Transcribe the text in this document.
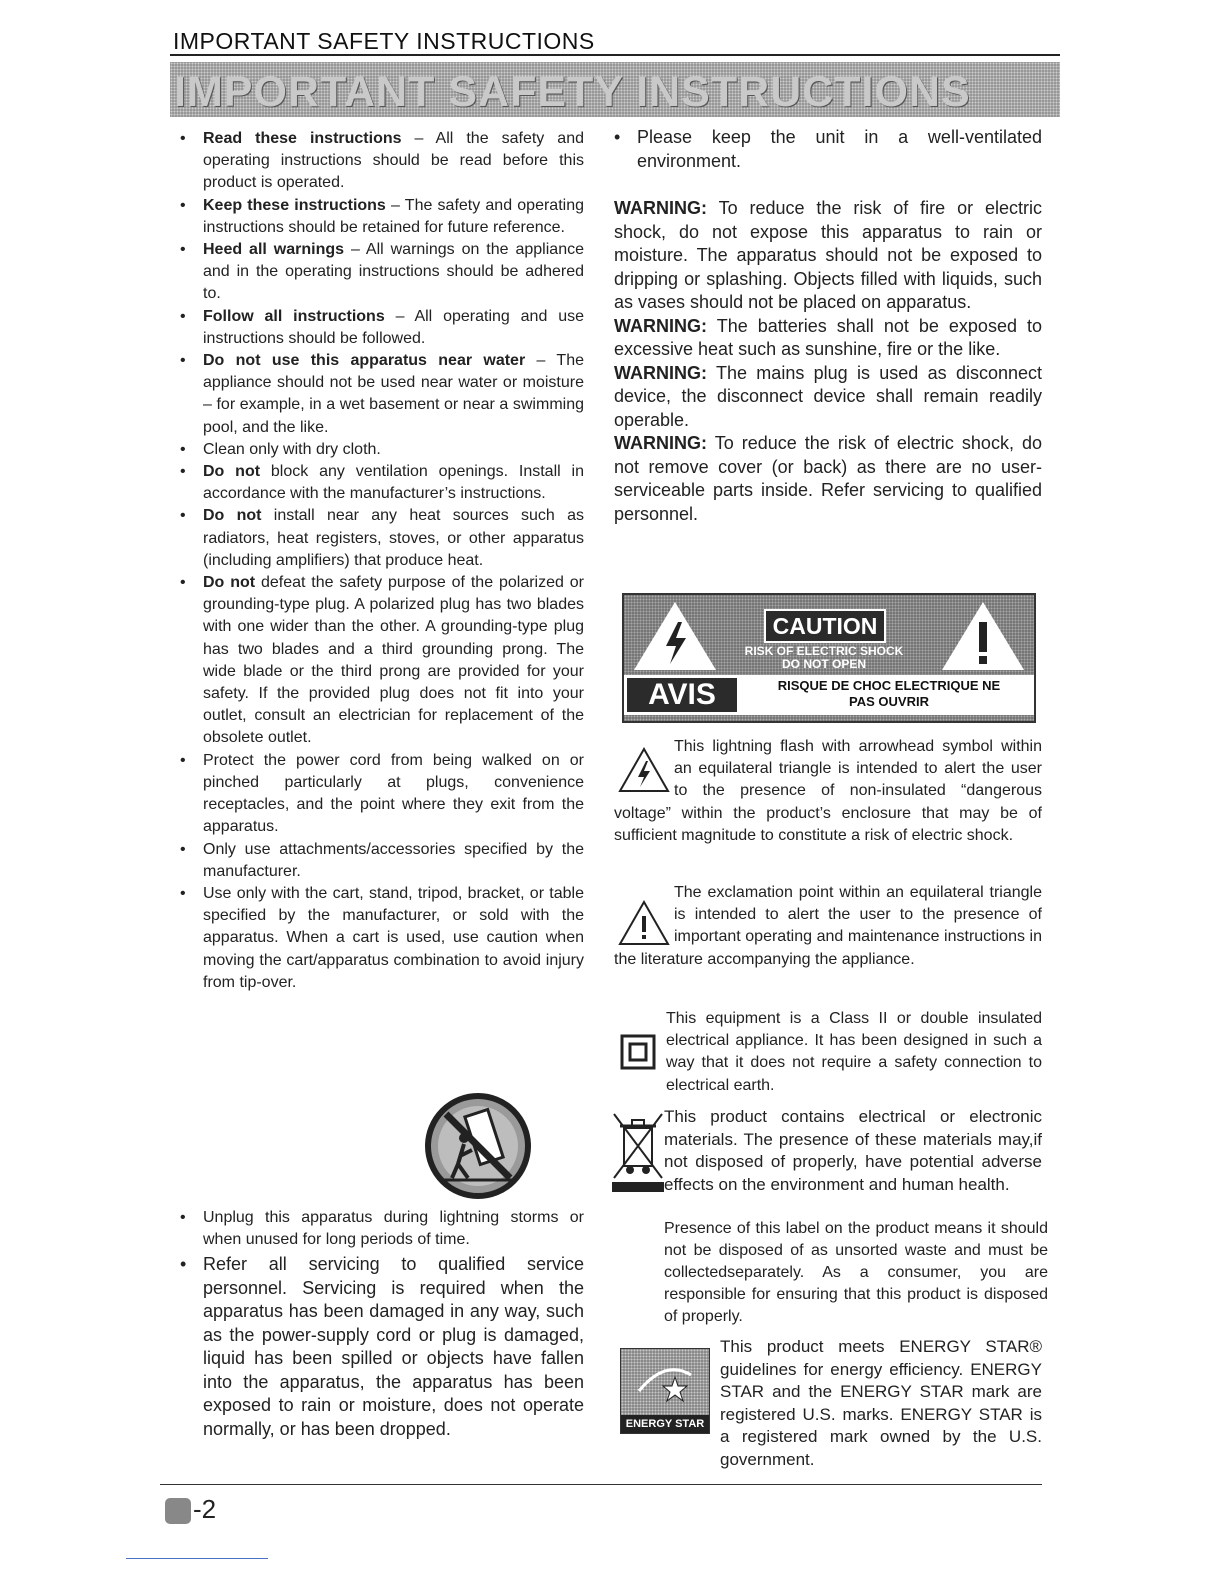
IMPORTANT SAFETY INSTRUCTIONS
IMPORTANT SAFETY INSTRUCTIONS
• Read these instructions – All the safety and operating instructions should be read before this product is operated.
• Keep these instructions – The safety and operating instructions should be retained for future reference.
• Heed all warnings – All warnings on the appliance and in the operating instructions should be adhered to.
• Follow all instructions – All operating and use instructions should be followed.
• Do not use this apparatus near water – The appliance should not be used near water or moisture – for example, in a wet basement or near a swimming pool, and the like.
• Clean only with dry cloth.
• Do not block any ventilation openings. Install in accordance with the manufacturer’s instructions.
• Do not install near any heat sources such as radiators, heat registers, stoves, or other apparatus (including amplifiers) that produce heat.
• Do not defeat the safety purpose of the polarized or grounding-type plug. A polarized plug has two blades with one wider than the other. A grounding-type plug has two blades and a third grounding prong. The wide blade or the third prong are provided for your safety. If the provided plug does not fit into your outlet, consult an electrician for replacement of the obsolete outlet.
• Protect the power cord from being walked on or pinched particularly at plugs, convenience receptacles, and the point where they exit from the apparatus.
• Only use attachments/accessories specified by the manufacturer.
• Use only with the cart, stand, tripod, bracket, or table specified by the manufacturer, or sold with the apparatus. When a cart is used, use caution when moving the cart/apparatus combination to avoid injury from tip-over.
• Unplug this apparatus during lightning storms or when unused for long periods of time.
• Refer all servicing to qualified service personnel. Servicing is required when the apparatus has been damaged in any way, such as the power-supply cord or plug is damaged, liquid has been spilled or objects have fallen into the apparatus, the apparatus has been exposed to rain or moisture, does not operate normally, or has been dropped.
• Please keep the unit in a well-ventilated environment.

WARNING: To reduce the risk of fire or electric shock, do not expose this apparatus to rain or moisture. The apparatus should not be exposed to dripping or splashing. Objects filled with liquids, such as vases should not be placed on apparatus.

WARNING: The batteries shall not be exposed to excessive heat such as sunshine, fire or the like.

WARNING: The mains plug is used as disconnect device, the disconnect device shall remain readily operable.

WARNING: To reduce the risk of electric shock, do not remove cover (or back) as there are no user-serviceable parts inside. Refer servicing to qualified personnel.

CAUTION
RISK OF ELECTRIC SHOCK
DO NOT OPEN
AVIS	RISQUE DE CHOC ELECTRIQUE NE
PAS OUVRIR
This lightning flash with arrowhead symbol within an equilateral triangle is intended to alert the user to the presence of non-insulated “dangerous voltage” within the product’s enclosure that may be of sufficient magnitude to constitute a risk of electric shock.
The exclamation point within an equilateral triangle is intended to alert the user to the presence of important operating and maintenance instructions in the literature accompanying the appliance.
This equipment is a Class II or double insulated electrical appliance. It has been designed in such a way that it does not require a safety connection to electrical earth.
This product contains electrical or electronic materials. The presence of these materials may,if not disposed of properly, have potential adverse effects on the environment and human health.
Presence of this label on the product means it should not be disposed of as unsorted waste and must be collectedseparately. As a consumer, you are responsible for ensuring that this product is disposed of properly.
ENERGY STAR
This product meets ENERGY STAR® guidelines for energy efficiency. ENERGY STAR and the ENERGY STAR mark are registered U.S. marks. ENERGY STAR is a registered mark owned by the U.S. government.
-2
